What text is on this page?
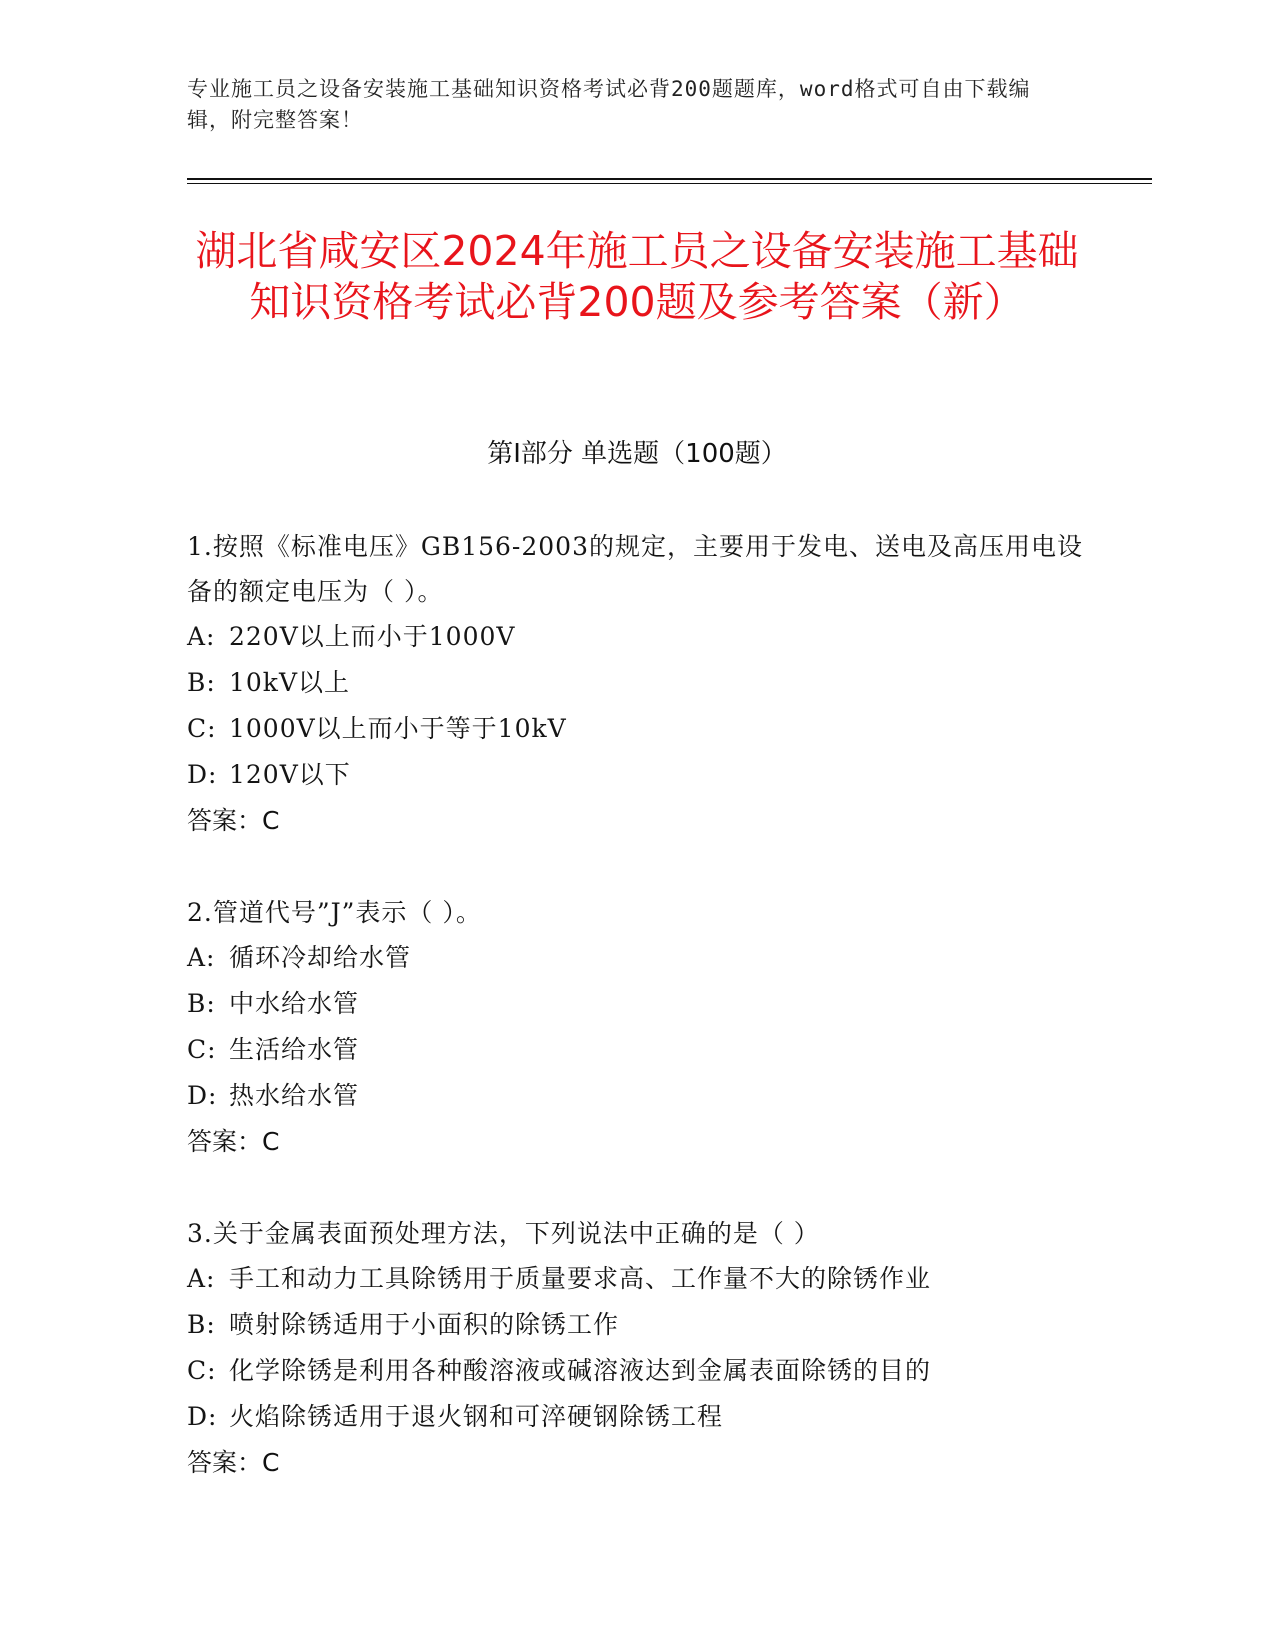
专业施工员之设备安装施工基础知识资格考试必背200题题库，word格式可自由下载编辑，附完整答案！
湖北省咸安区2024年施工员之设备安装施工基础知识资格考试必背200题及参考答案（新）
第Ⅰ部分 单选题（100题）
1.按照《标准电压》GB156-2003的规定，主要用于发电、送电及高压用电设备的额定电压为（ ）。
A: 220V以上而小于1000V
B: 10kV以上
C: 1000V以上而小于等于10kV
D: 120V以下
答案：C
2.管道代号”J”表示（ ）。
A: 循环冷却给水管
B: 中水给水管
C: 生活给水管
D: 热水给水管
答案：C
3.关于金属表面预处理方法，下列说法中正确的是（ ）
A: 手工和动力工具除锈用于质量要求高、工作量不大的除锈作业
B: 喷射除锈适用于小面积的除锈工作
C: 化学除锈是利用各种酸溶液或碱溶液达到金属表面除锈的目的
D: 火焰除锈适用于退火钢和可淬硬钢除锈工程
答案：C
